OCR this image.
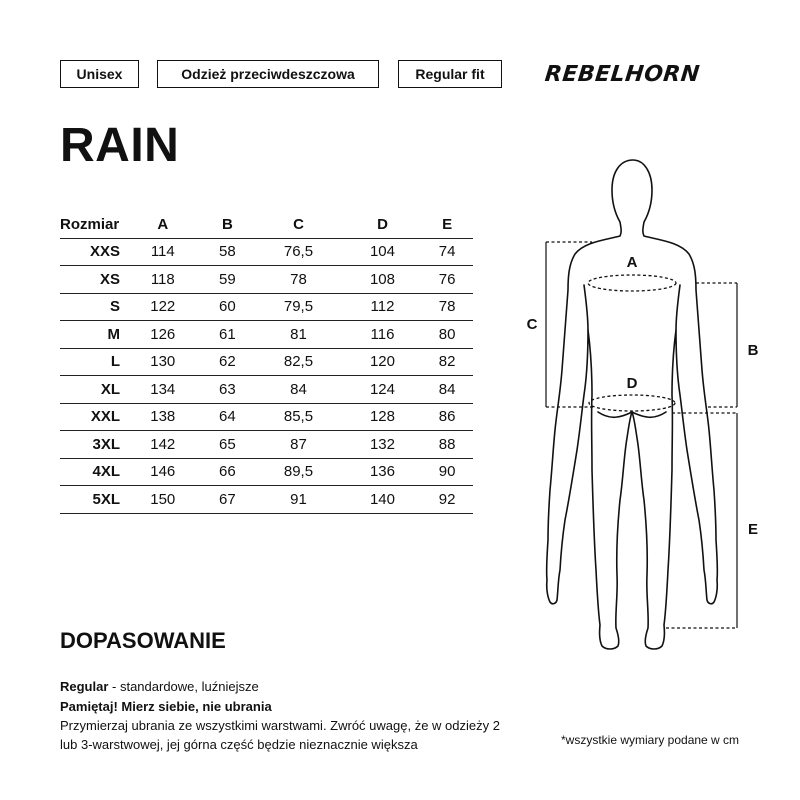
Unisex	Odzież przeciwdeszczowa	Regular fit	REBELHORN
RAIN
Rozmiar	A	B	C	D	E
XXS	114	58	76,5	104	74
XS	118	59	78	108	76
S	122	60	79,5	112	78
M	126	61	81	116	80
L	130	62	82,5	120	82
XL	134	63	84	124	84
XXL	138	64	85,5	128	86
3XL	142	65	87	132	88
4XL	146	66	89,5	136	90
5XL	150	67	91	140	92
A
D
C
B
E
DOPASOWANIE
Regular - standardowe, luźniejsze
Pamiętaj! Mierz siebie, nie ubrania
Przymierzaj ubrania ze wszystkimi warstwami. Zwróć uwagę, że w odzieży 2
lub 3-warstwowej, jej górna część będzie nieznacznie większa	*wszystkie wymiary podane w cm
